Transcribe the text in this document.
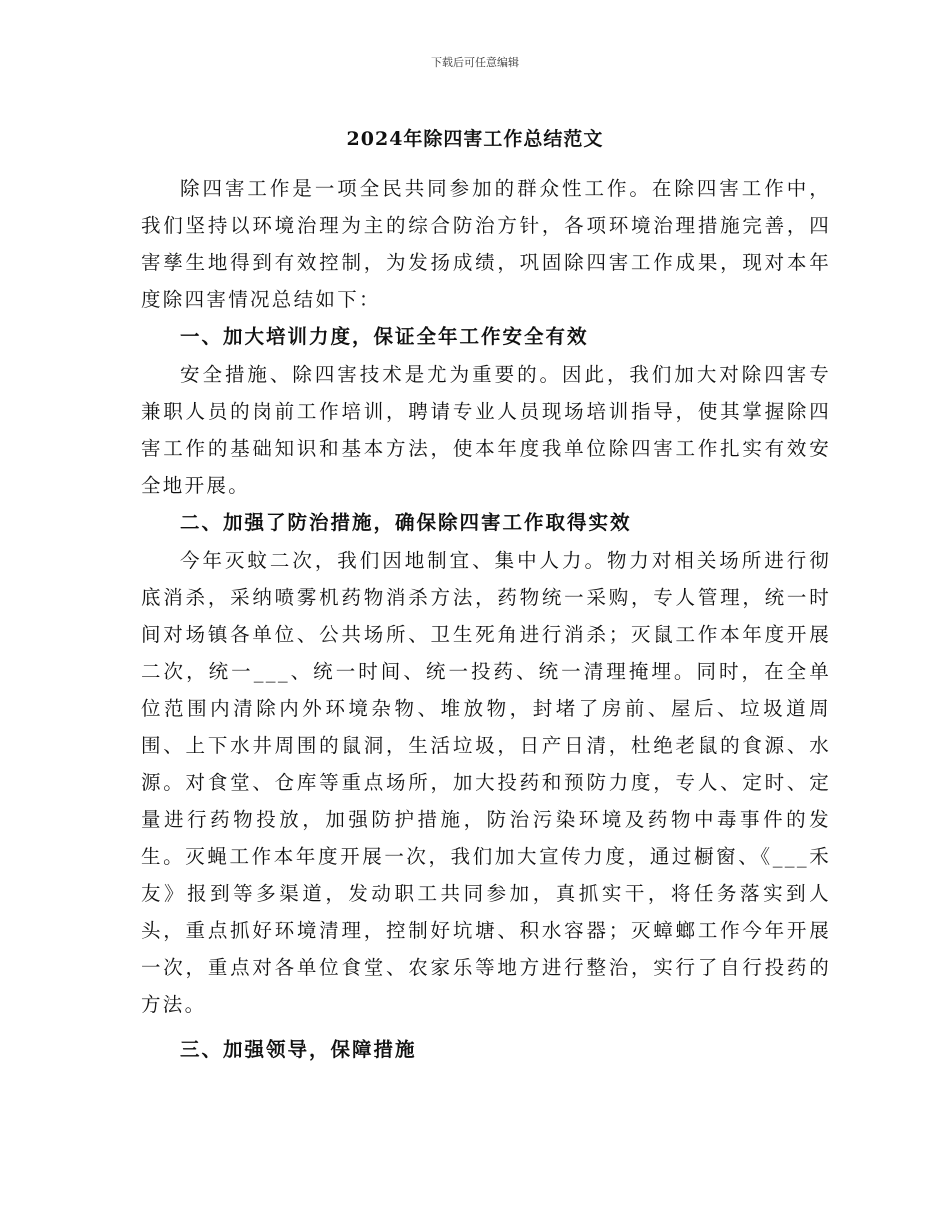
下载后可任意编辑
2024年除四害工作总结范文

除四害工作是一项全民共同参加的群众性工作。在除四害工作中，我们坚持以环境治理为主的综合防治方针，各项环境治理措施完善，四害孳生地得到有效控制，为发扬成绩，巩固除四害工作成果，现对本年度除四害情况总结如下：

一、加大培训力度，保证全年工作安全有效

安全措施、除四害技术是尤为重要的。因此，我们加大对除四害专兼职人员的岗前工作培训，聘请专业人员现场培训指导，使其掌握除四害工作的基础知识和基本方法，使本年度我单位除四害工作扎实有效安全地开展。

二、加强了防治措施，确保除四害工作取得实效

今年灭蚊二次，我们因地制宜、集中人力。物力对相关场所进行彻底消杀，采纳喷雾机药物消杀方法，药物统一采购，专人管理，统一时间对场镇各单位、公共场所、卫生死角进行消杀；灭鼠工作本年度开展二次，统一___、统一时间、统一投药、统一清理掩埋。同时，在全单位范围内清除内外环境杂物、堆放物，封堵了房前、屋后、垃圾道周围、上下水井周围的鼠洞，生活垃圾，日产日清，杜绝老鼠的食源、水源。对食堂、仓库等重点场所，加大投药和预防力度，专人、定时、定量进行药物投放，加强防护措施，防治污染环境及药物中毒事件的发生。灭蝇工作本年度开展一次，我们加大宣传力度，通过橱窗、《___禾友》报到等多渠道，发动职工共同参加，真抓实干，将任务落实到人头，重点抓好环境清理，控制好坑塘、积水容器；灭蟑螂工作今年开展一次，重点对各单位食堂、农家乐等地方进行整治，实行了自行投药的方法。

三、加强领导，保障措施
